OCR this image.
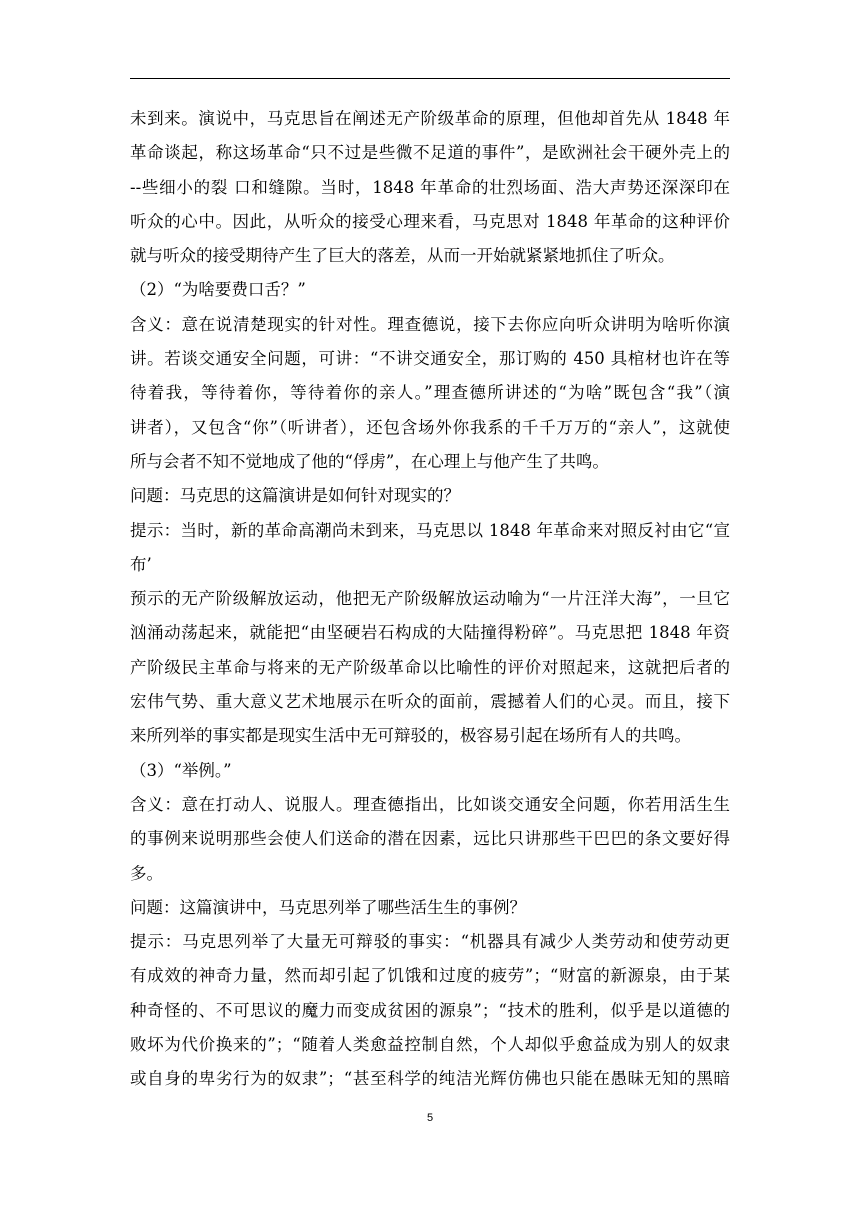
未到来。演说中，马克思旨在阐述无产阶级革命的原理，但他却首先从 1848 年
革命谈起，称这场革命“只不过是些微不足道的事件”，是欧洲社会干硬外壳上的
--些细小的裂 口和缝隙。当时，1848 年革命的壮烈场面、浩大声势还深深印在
听众的心中。因此，从听众的接受心理来看，马克思对 1848 年革命的这种评价
就与听众的接受期待产生了巨大的落差，从而一开始就紧紧地抓住了听众。
（2）“为啥要费口舌？”
含义：意在说清楚现实的针对性。理查德说，接下去你应向听众讲明为啥听你演
讲。若谈交通安全问题，可讲：“不讲交通安全，那订购的 450 具棺材也许在等
待着我，等待着你，等待着你的亲人。”理查德所讲述的“为啥”既包含“我”（演
讲者），又包含“你”（听讲者），还包含场外你我系的千千万万的“亲人”，这就使
所与会者不知不觉地成了他的“俘虏”，在心理上与他产生了共鸣。
问题：马克思的这篇演讲是如何针对现实的？
提示：当时，新的革命高潮尚未到来，马克思以 1848 年革命来对照反衬由它“宣
布’
预示的无产阶级解放运动，他把无产阶级解放运动喻为“一片汪洋大海”，一旦它
汹涌动荡起来，就能把“由坚硬岩石构成的大陆撞得粉碎”。马克思把 1848 年资
产阶级民主革命与将来的无产阶级革命以比喻性的评价对照起来，这就把后者的
宏伟气势、重大意义艺术地展示在听众的面前，震撼着人们的心灵。而且，接下
来所列举的事实都是现实生活中无可辩驳的，极容易引起在场所有人的共鸣。
（3）“举例。”
含义：意在打动人、说服人。理查德指出，比如谈交通安全问题，你若用活生生
的事例来说明那些会使人们送命的潜在因素，远比只讲那些干巴巴的条文要好得
多。
问题：这篇演讲中，马克思列举了哪些活生生的事例？
提示：马克思列举了大量无可辩驳的事实：“机器具有减少人类劳动和使劳动更
有成效的神奇力量，然而却引起了饥饿和过度的疲劳”；“财富的新源泉，由于某
种奇怪的、不可思议的魔力而变成贫困的源泉”；“技术的胜利，似乎是以道德的
败坏为代价换来的”；“随着人类愈益控制自然，个人却似乎愈益成为别人的奴隶
或自身的卑劣行为的奴隶”；“甚至科学的纯洁光辉仿佛也只能在愚昧无知的黑暗
5
